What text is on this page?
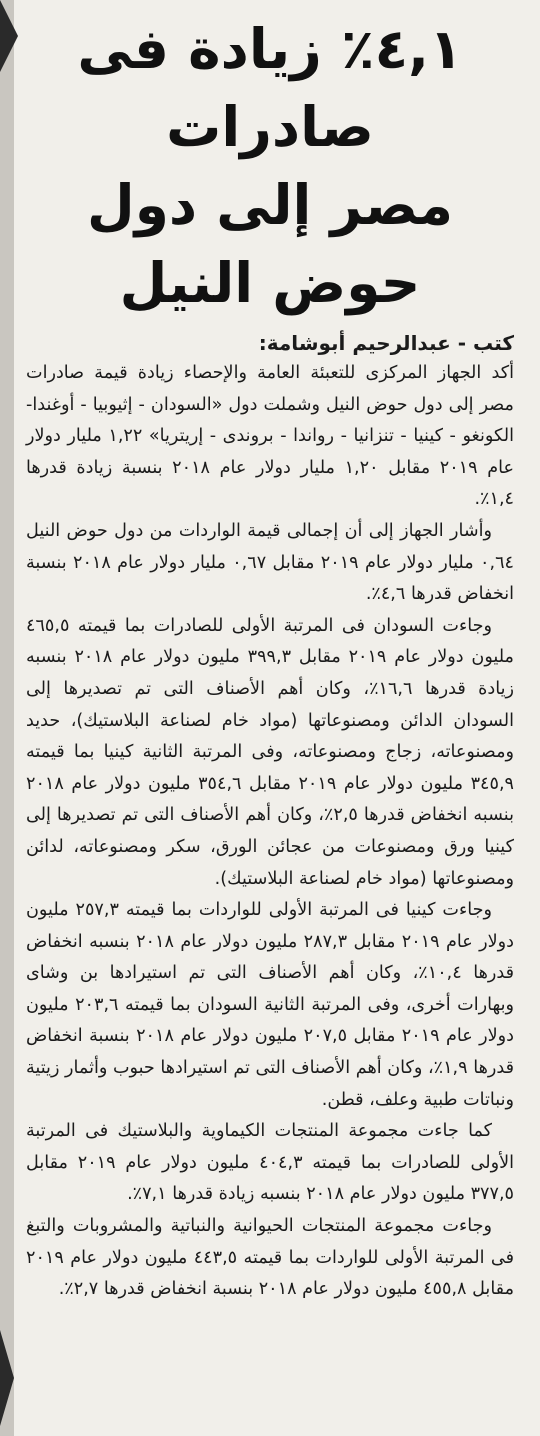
٤,١٪ زيادة فى صادرات
مصر إلى دول حوض النيل
كتب - عبدالرحيم أبوشامة:

أكد الجهاز المركزى للتعبئة العامة والإحصاء زيادة قيمة صادرات مصر إلى دول حوض النيل وشملت دول «السودان - إثيوبيا - أوغندا- الكونغو - كينيا - تنزانيا - رواندا - بروندى - إريتريا» ١,٢٢ مليار دولار عام ٢٠١٩ مقابل ١,٢٠ مليار دولار عام ٢٠١٨ بنسبة زيادة قدرها ١,٤٪.

وأشار الجهاز إلى أن إجمالى قيمة الواردات من دول حوض النيل ٠,٦٤ مليار دولار عام ٢٠١٩ مقابل ٠,٦٧ مليار دولار عام ٢٠١٨ بنسبة انخفاض قدرها ٤,٦٪.

وجاءت السودان فى المرتبة الأولى للصادرات بما قيمته ٤٦٥,٥ مليون دولار عام ٢٠١٩ مقابل ٣٩٩,٣ مليون دولار عام ٢٠١٨ بنسبه زيادة قدرها ١٦,٦٪، وكان أهم الأصناف التى تم تصديرها إلى السودان الدائن ومصنوعاتها (مواد خام لصناعة البلاستيك)، حديد ومصنوعاته، زجاج ومصنوعاته، وفى المرتبة الثانية كينيا بما قيمته ٣٤٥,٩ مليون دولار عام ٢٠١٩ مقابل ٣٥٤,٦ مليون دولار عام ٢٠١٨ بنسبه انخفاض قدرها ٢,٥٪، وكان أهم الأصناف التى تم تصديرها إلى كينيا ورق ومصنوعات من عجائن الورق، سكر ومصنوعاته، لدائن ومصنوعاتها (مواد خام لصناعة البلاستيك).

وجاءت كينيا فى المرتبة الأولى للواردات بما قيمته ٢٥٧,٣ مليون دولار عام ٢٠١٩ مقابل ٢٨٧,٣ مليون دولار عام ٢٠١٨ بنسبه انخفاض قدرها ١٠,٤٪، وكان أهم الأصناف التى تم استيرادها بن وشاى وبهارات أخرى، وفى المرتبة الثانية السودان بما قيمته ٢٠٣,٦ مليون دولار عام ٢٠١٩ مقابل ٢٠٧,٥ مليون دولار عام ٢٠١٨ بنسبة انخفاض قدرها ١,٩٪، وكان أهم الأصناف التى تم استيرادها حبوب وأثمار زيتية ونباتات طبية وعلف، قطن.

كما جاءت مجموعة المنتجات الكيماوية والبلاستيك فى المرتبة الأولى للصادرات بما قيمته ٤٠٤,٣ مليون دولار عام ٢٠١٩ مقابل ٣٧٧,٥ مليون دولار عام ٢٠١٨ بنسبه زيادة قدرها ٧,١٪.

وجاءت مجموعة المنتجات الحيوانية والنباتية والمشروبات والتبغ فى المرتبة الأولى للواردات بما قيمته ٤٤٣,٥ مليون دولار عام ٢٠١٩ مقابل ٤٥٥,٨ مليون دولار عام ٢٠١٨ بنسبة انخفاض قدرها ٢,٧٪.
